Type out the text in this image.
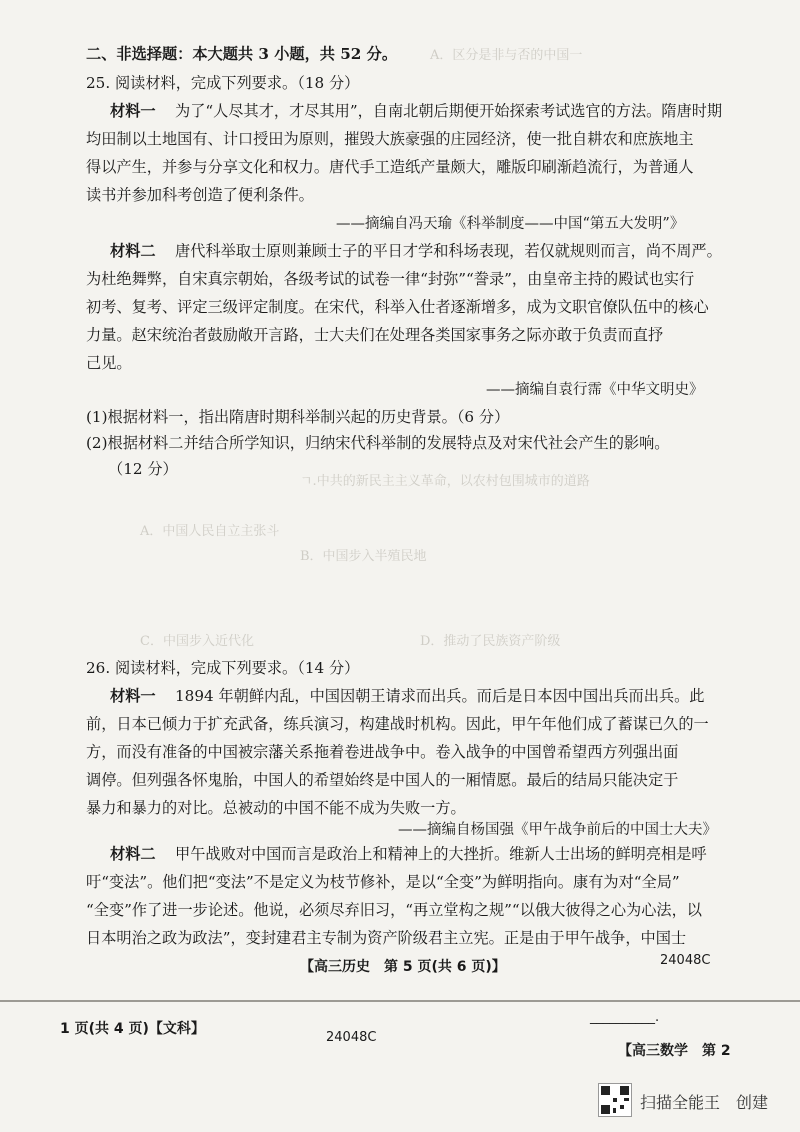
A．区分是非与否的中国一
ㄱ.中共的新民主主义革命，以农村包围城市的道路
A．中国人民自立主张斗
B．中国步入半殖民地
C．中国步入近代化	D．推动了民族资产阶级
二、非选择题：本大题共 3 小题，共 52 分。
25. 阅读材料，完成下列要求。（18 分）
材料一 为了“人尽其才，才尽其用”，自南北朝后期便开始探索考试选官的方法。隋唐时期
均田制以土地国有、计口授田为原则，摧毁大族豪强的庄园经济，使一批自耕农和庶族地主
得以产生，并参与分享文化和权力。唐代手工造纸产量颇大，雕版印刷渐趋流行，为普通人
读书并参加科考创造了便利条件。
——摘编自冯天瑜《科举制度——中国“第五大发明”》
材料二 唐代科举取士原则兼顾士子的平日才学和科场表现，若仅就规则而言，尚不周严。
为杜绝舞弊，自宋真宗朝始，各级考试的试卷一律“封弥”“誊录”，由皇帝主持的殿试也实行
初考、复考、评定三级评定制度。在宋代，科举入仕者逐渐增多，成为文职官僚队伍中的核心
力量。赵宋统治者鼓励敞开言路，士大夫们在处理各类国家事务之际亦敢于负责而直抒
己见。
——摘编自袁行霈《中华文明史》
(1)根据材料一，指出隋唐时期科举制兴起的历史背景。（6 分）
(2)根据材料二并结合所学知识，归纳宋代科举制的发展特点及对宋代社会产生的影响。
（12 分）
26. 阅读材料，完成下列要求。（14 分）
材料一 1894 年朝鲜内乱，中国因朝王请求而出兵。而后是日本因中国出兵而出兵。此
前，日本已倾力于扩充武备，练兵演习，构建战时机构。因此，甲午年他们成了蓄谋已久的一
方，而没有准备的中国被宗藩关系拖着卷进战争中。卷入战争的中国曾希望西方列强出面
调停。但列强各怀鬼胎，中国人的希望始终是中国人的一厢情愿。最后的结局只能决定于
暴力和暴力的对比。总被动的中国不能不成为失败一方。
——摘编自杨国强《甲午战争前后的中国士大夫》
材料二 甲午战败对中国而言是政治上和精神上的大挫折。维新人士出场的鲜明亮相是呼
吁“变法”。他们把“变法”不是定义为枝节修补，是以“全变”为鲜明指向。康有为对“全局”
“全变”作了进一步论述。他说，必须尽弃旧习，“再立堂构之规”“以俄大彼得之心为心法，以
日本明治之政为政法”，变封建君主专制为资产阶级君主立宪。正是由于甲午战争，中国士
24048C
【高三历史　第 5 页(共 6 页)】
1 页(共 4 页)【文科】
24048C
__________.
【高三数学　第 2
扫描全能王　创建
